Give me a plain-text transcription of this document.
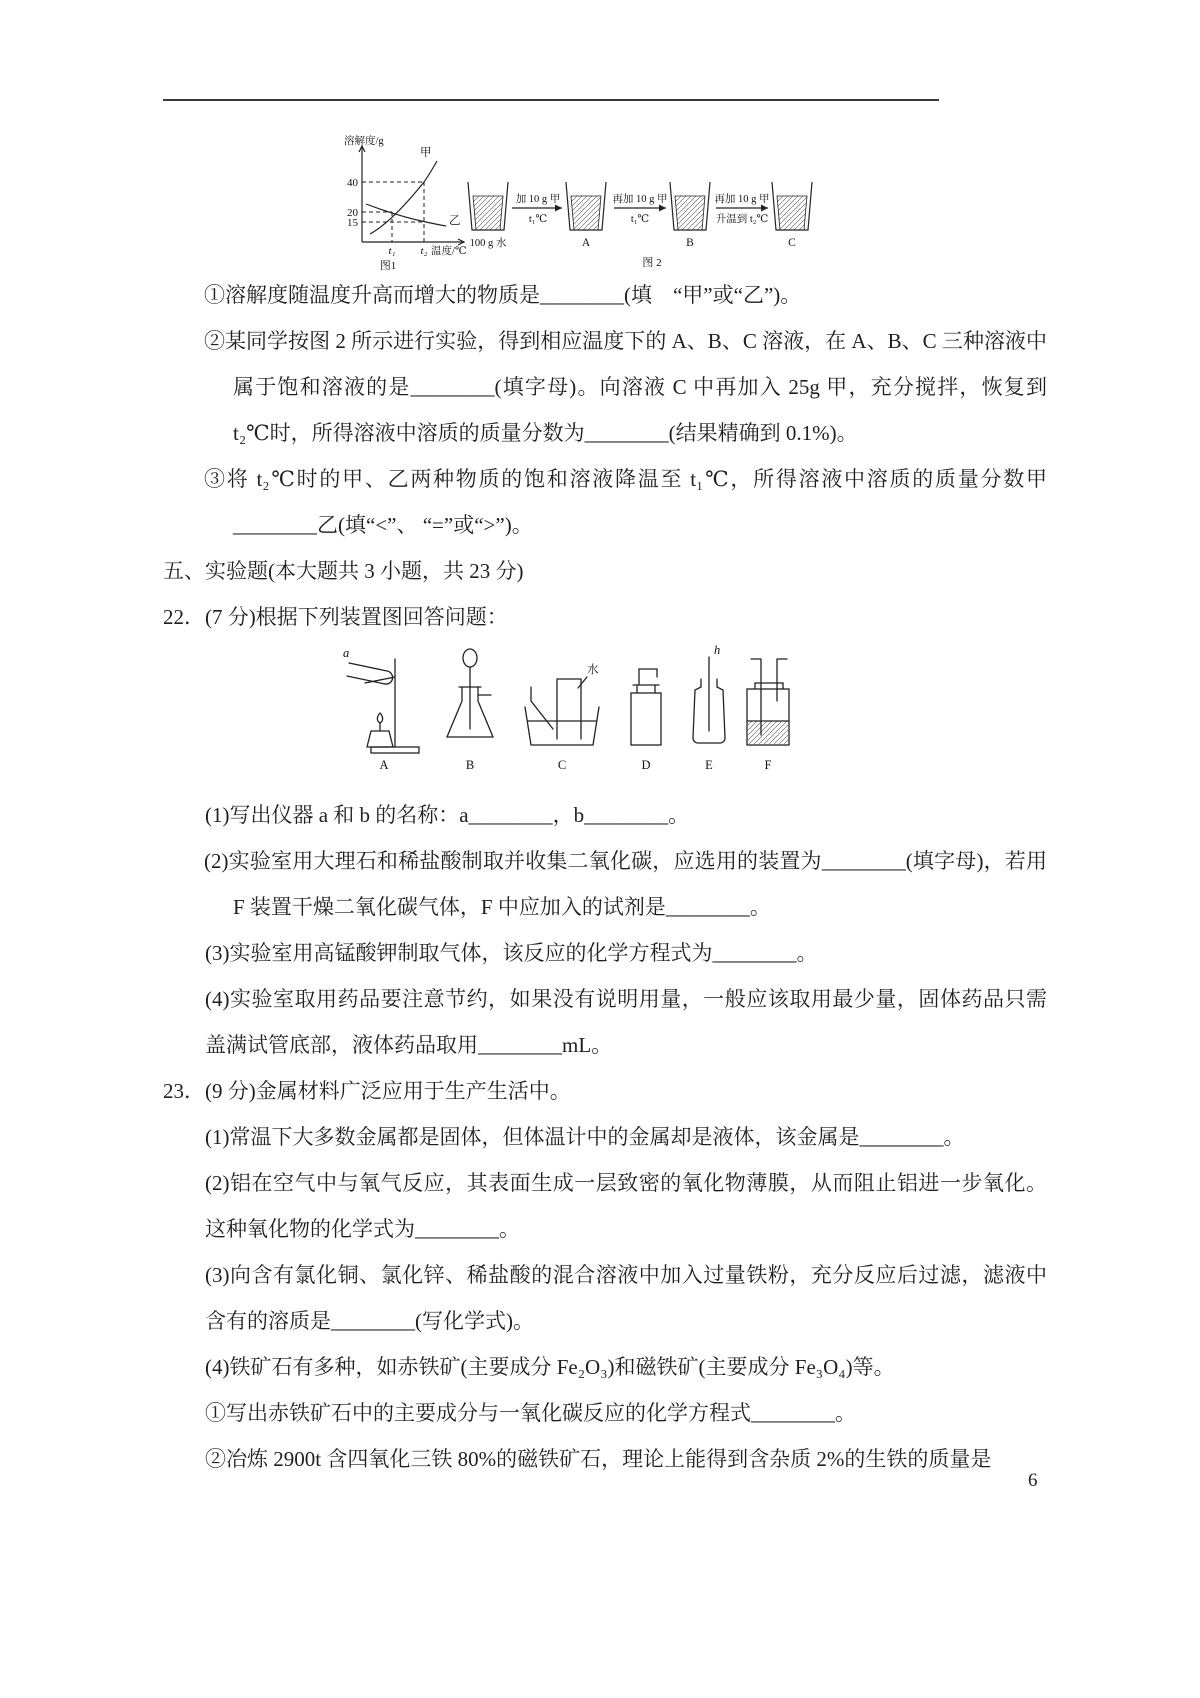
溶解度/g
40
20
15
t₁ t₂ 温度/℃
甲
乙
图1
加 10 g 甲
t₁℃
再加 10 g 甲
t₁℃
再加 10 g 甲
升温到 t₂℃
100 g 水	A	B	C
图 2

①溶解度随温度升高而增大的物质是________(填　“甲”或“乙”)。

②某同学按图 2 所示进行实验，得到相应温度下的 A、B、C 溶液，在 A、B、C 三种溶液中属于饱和溶液的是________(填字母)。向溶液 C 中再加入 25g 甲，充分搅拌，恢复到 t₂℃时，所得溶液中溶质的质量分数为________(结果精确到 0.1%)。

③将 t₂℃时的甲、乙两种物质的饱和溶液降温至 t₁℃，所得溶液中溶质的质量分数甲________乙(填“<”、 “=”或“>”)。

五、实验题(本大题共 3 小题，共 23 分)

22．(7 分)根据下列装置图回答问题：

A	B	C	D	E	F
a	h
水

(1)写出仪器 a 和 b 的名称：a________，b________。

(2)实验室用大理石和稀盐酸制取并收集二氧化碳，应选用的装置为________(填字母)，若用 F 装置干燥二氧化碳气体，F 中应加入的试剂是________。

(3)实验室用高锰酸钾制取气体，该反应的化学方程式为________。

(4)实验室取用药品要注意节约，如果没有说明用量，一般应该取用最少量，固体药品只需盖满试管底部，液体药品取用________mL。

23．(9 分)金属材料广泛应用于生产生活中。

(1)常温下大多数金属都是固体，但体温计中的金属却是液体，该金属是________。

(2)铝在空气中与氧气反应，其表面生成一层致密的氧化物薄膜，从而阻止铝进一步氧化。这种氧化物的化学式为________。

(3)向含有氯化铜、氯化锌、稀盐酸的混合溶液中加入过量铁粉，充分反应后过滤，滤液中含有的溶质是________(写化学式)。

(4)铁矿石有多种，如赤铁矿(主要成分 Fe₂O₃)和磁铁矿(主要成分 Fe₃O₄)等。

①写出赤铁矿石中的主要成分与一氧化碳反应的化学方程式________。

②冶炼 2900t 含四氧化三铁 80%的磁铁矿石，理论上能得到含杂质 2%的生铁的质量是

6
